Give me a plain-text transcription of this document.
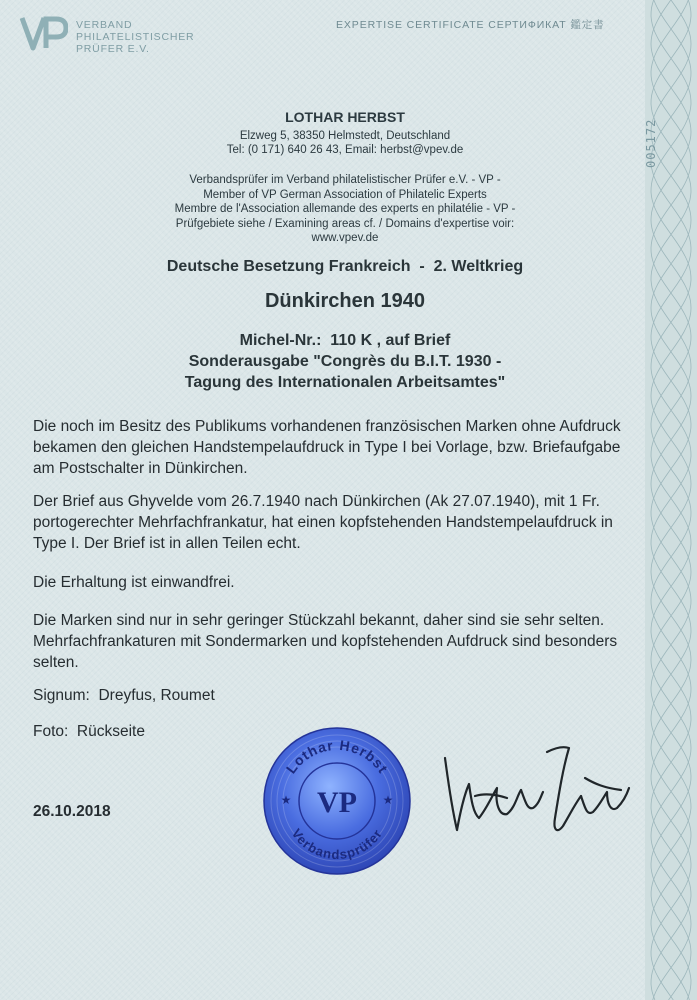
VERBAND
PHILATELISTISCHER
PRÜFER E.V.
EXPERTISE CERTIFICATE СЕРТИФИКАТ 鑑定書
005172
LOTHAR HERBST
Elzweg 5, 38350 Helmstedt, Deutschland
Tel: (0 171) 640 26 43, Email: herbst@vpev.de
Verbandsprüfer im Verband philatelistischer Prüfer e.V. - VP -
Member of VP German Association of Philatelic Experts
Membre de l'Association allemande des experts en philatélie - VP -
Prüfgebiete siehe / Examining areas cf. / Domains d'expertise voir:
www.vpev.de
Deutsche Besetzung Frankreich  -  2. Weltkrieg
Dünkirchen 1940
Michel-Nr.:  110 K , auf Brief
Sonderausgabe "Congrès du B.I.T. 1930 -
Tagung des Internationalen Arbeitsamtes"
Die noch im Besitz des Publikums vorhandenen französischen Marken ohne Aufdruck bekamen den gleichen Handstempelaufdruck in Type I bei Vorlage, bzw. Briefaufgabe am Postschalter in Dünkirchen.
Der Brief aus Ghyvelde vom 26.7.1940 nach Dünkirchen (Ak 27.07.1940), mit 1 Fr. portogerechter Mehrfachfrankatur, hat einen kopfstehenden Handstempelaufdruck in Type I. Der Brief ist in allen Teilen echt.
Die Erhaltung ist einwandfrei.
Die Marken sind nur in sehr geringer Stückzahl bekannt, daher sind sie sehr selten. Mehrfachfrankaturen mit Sondermarken und kopfstehenden Aufdruck sind besonders selten.
Signum:  Dreyfus, Roumet
Foto:  Rückseite
26.10.2018
Lothar Herbst
Verbandsprüfer
VP
★	★
